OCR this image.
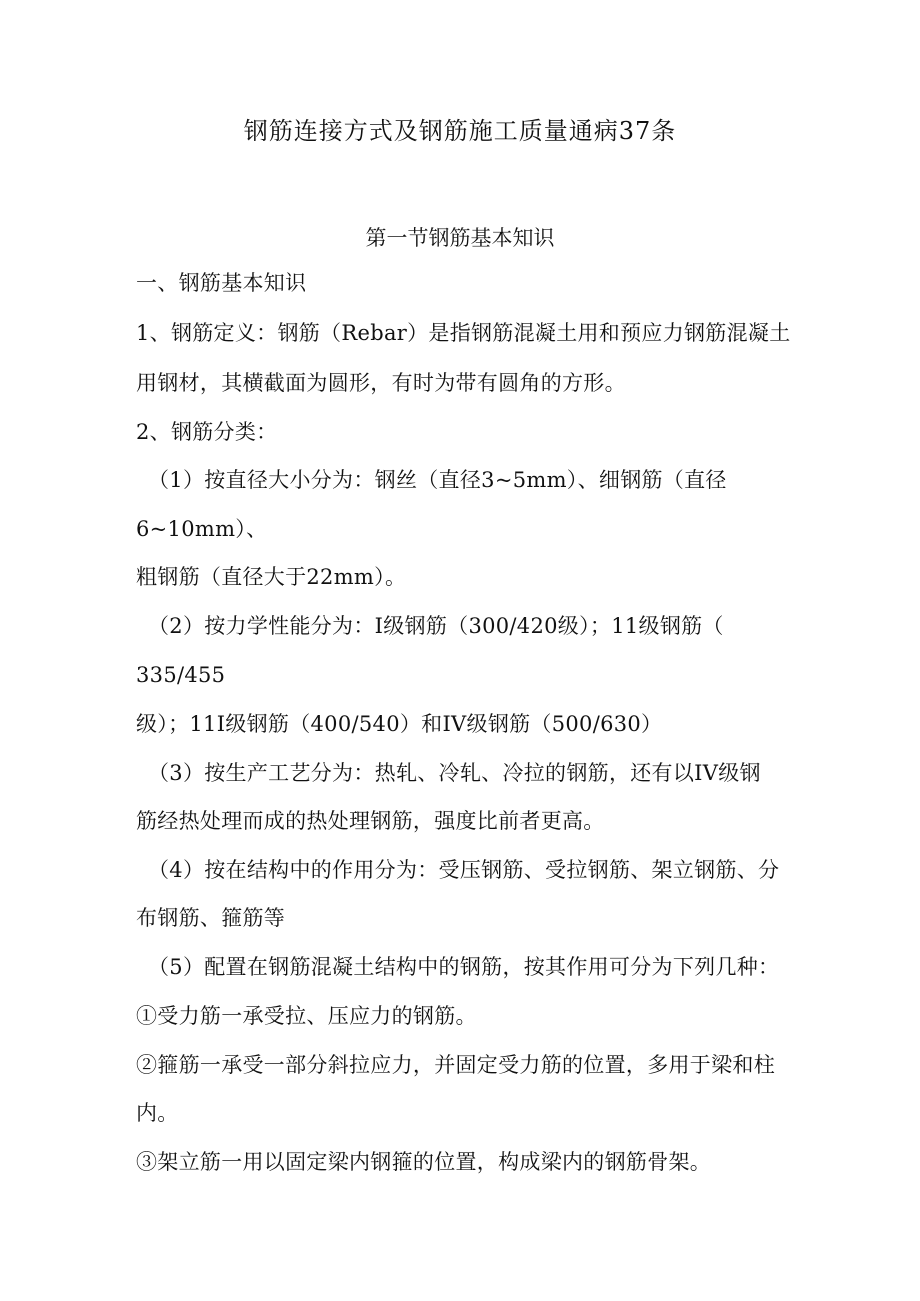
钢筋连接方式及钢筋施工质量通病37条
第一节钢筋基本知识
一、钢筋基本知识
1、钢筋定义：钢筋（Rebar）是指钢筋混凝土用和预应力钢筋混凝土
用钢材，其横截面为圆形，有时为带有圆角的方形。
2、钢筋分类：
（1）按直径大小分为：钢丝（直径3~5mm）、细钢筋（直径
6~10mm）、
粗钢筋（直径大于22mm）。
（2）按力学性能分为：I级钢筋（300/420级）；11级钢筋（
335/455
级）；11I级钢筋（400/540）和IV级钢筋（500/630）
（3）按生产工艺分为：热轧、冷轧、冷拉的钢筋，还有以IV级钢
筋经热处理而成的热处理钢筋，强度比前者更高。
（4）按在结构中的作用分为：受压钢筋、受拉钢筋、架立钢筋、分
布钢筋、箍筋等
（5）配置在钢筋混凝土结构中的钢筋，按其作用可分为下列几种：
①受力筋一承受拉、压应力的钢筋。
②箍筋一承受一部分斜拉应力，并固定受力筋的位置，多用于梁和柱
内。
③架立筋一用以固定梁内钢箍的位置，构成梁内的钢筋骨架。
